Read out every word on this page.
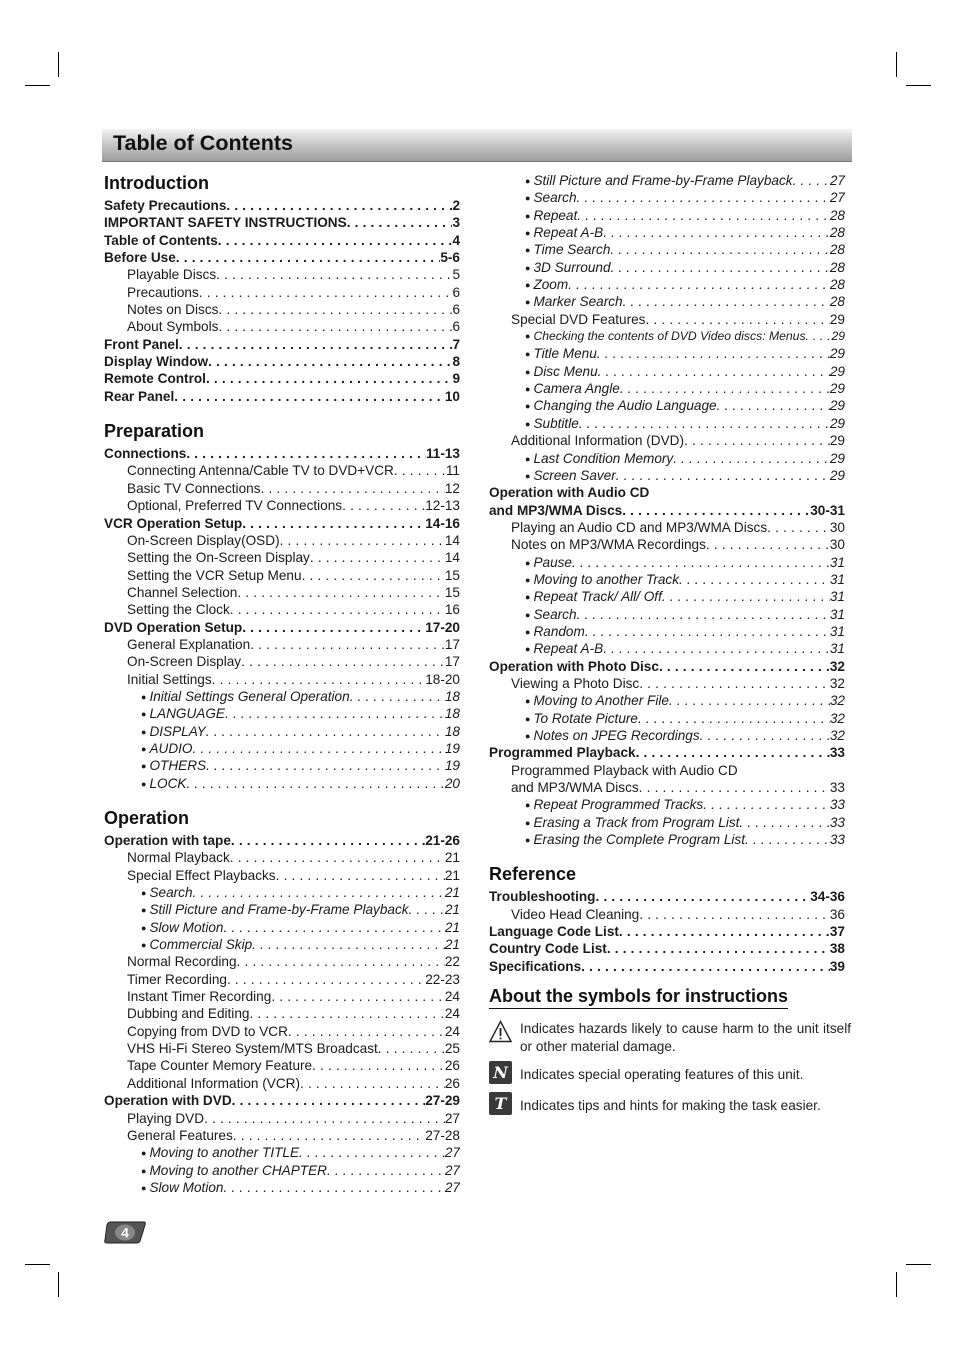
Table of Contents
Introduction
Safety Precautions . . .	2
IMPORTANT SAFETY INSTRUCTIONS . . .	3
Table of Contents . . .	4
Before Use . . .	5-6
Playable Discs . . .	5
Precautions . . .	6
Notes on Discs . . .	6
About Symbols . . .	6
Front Panel . . .	7
Display Window . . .	8
Remote Control . . .	9
Rear Panel . . .	10
Preparation
Connections . . .	11-13
Connecting Antenna/Cable TV to DVD+VCR . . .	11
Basic TV Connections . . .	12
Optional, Preferred TV Connections . . .	12-13
VCR Operation Setup . . .	14-16
On-Screen Display(OSD) . . .	14
Setting the On-Screen Display . . .	14
Setting the VCR Setup Menu . . .	15
Channel Selection . . .	15
Setting the Clock . . .	16
DVD Operation Setup . . .	17-20
General Explanation . . .	17
On-Screen Display . . .	17
Initial Settings . . .	18-20
● Initial Settings General Operation . . .	18
● LANGUAGE . . .	18
● DISPLAY . . .	18
● AUDIO . . .	19
● OTHERS . . .	19
● LOCK . . .	20
Operation
Operation with tape . . .	21-26
Normal Playback . . .	21
Special Effect Playbacks . . .	21
● Search . . .	21
● Still Picture and Frame-by-Frame Playback . . .	21
● Slow Motion . . .	21
● Commercial Skip . . .	21
Normal Recording . . .	22
Timer Recording . . .	22-23
Instant Timer Recording . . .	24
Dubbing and Editing . . .	24
Copying from DVD to VCR . . .	24
VHS Hi-Fi Stereo System/MTS Broadcast . . .	25
Tape Counter Memory Feature . . .	26
Additional Information (VCR) . . .	26
Operation with DVD . . .	27-29
Playing DVD . . .	27
General Features . . .	27-28
● Moving to another TITLE . . .	27
● Moving to another CHAPTER . . .	27
● Slow Motion . . .	27
● Still Picture and Frame-by-Frame Playback . . .	27
● Search . . .	27
● Repeat . . .	28
● Repeat A-B . . .	28
● Time Search . . .	28
● 3D Surround . . .	28
● Zoom . . .	28
● Marker Search . . .	28
Special DVD Features . . .	29
● Checking the contents of DVD Video discs: Menus . . . 29
● Title Menu . . .	29
● Disc Menu . . .	29
● Camera Angle . . .	29
● Changing the Audio Language . . .	29
● Subtitle . . .	29
Additional Information (DVD) . . .	29
● Last Condition Memory . . .	29
● Screen Saver . . .	29
Operation with Audio CD
and MP3/WMA Discs . . .	30-31
Playing an Audio CD and MP3/WMA Discs . . .	30
Notes on MP3/WMA Recordings . . .	30
● Pause . . .	31
● Moving to another Track . . .	31
● Repeat Track/ All/ Off . . .	31
● Search . . .	31
● Random . . .	31
● Repeat A-B . . .	31
Operation with Photo Disc . . .	32
Viewing a Photo Disc . . .	32
● Moving to Another File . . .	32
● To Rotate Picture . . .	32
● Notes on JPEG Recordings . . .	32
Programmed Playback . . .	33
Programmed Playback with Audio CD
and MP3/WMA Discs . . .	33
● Repeat Programmed Tracks . . .	33
● Erasing a Track from Program List . . .	33
● Erasing the Complete Program List . . .	33
Reference
Troubleshooting . . .	34-36
Video Head Cleaning . . .	36
Language Code List . . .	37
Country Code List . . .	38
Specifications . . .	39
About the symbols for instructions
Indicates hazards likely to cause harm to the unit itself or other material damage.
N Indicates special operating features of this unit.
T Indicates tips and hints for making the task easier.
4
